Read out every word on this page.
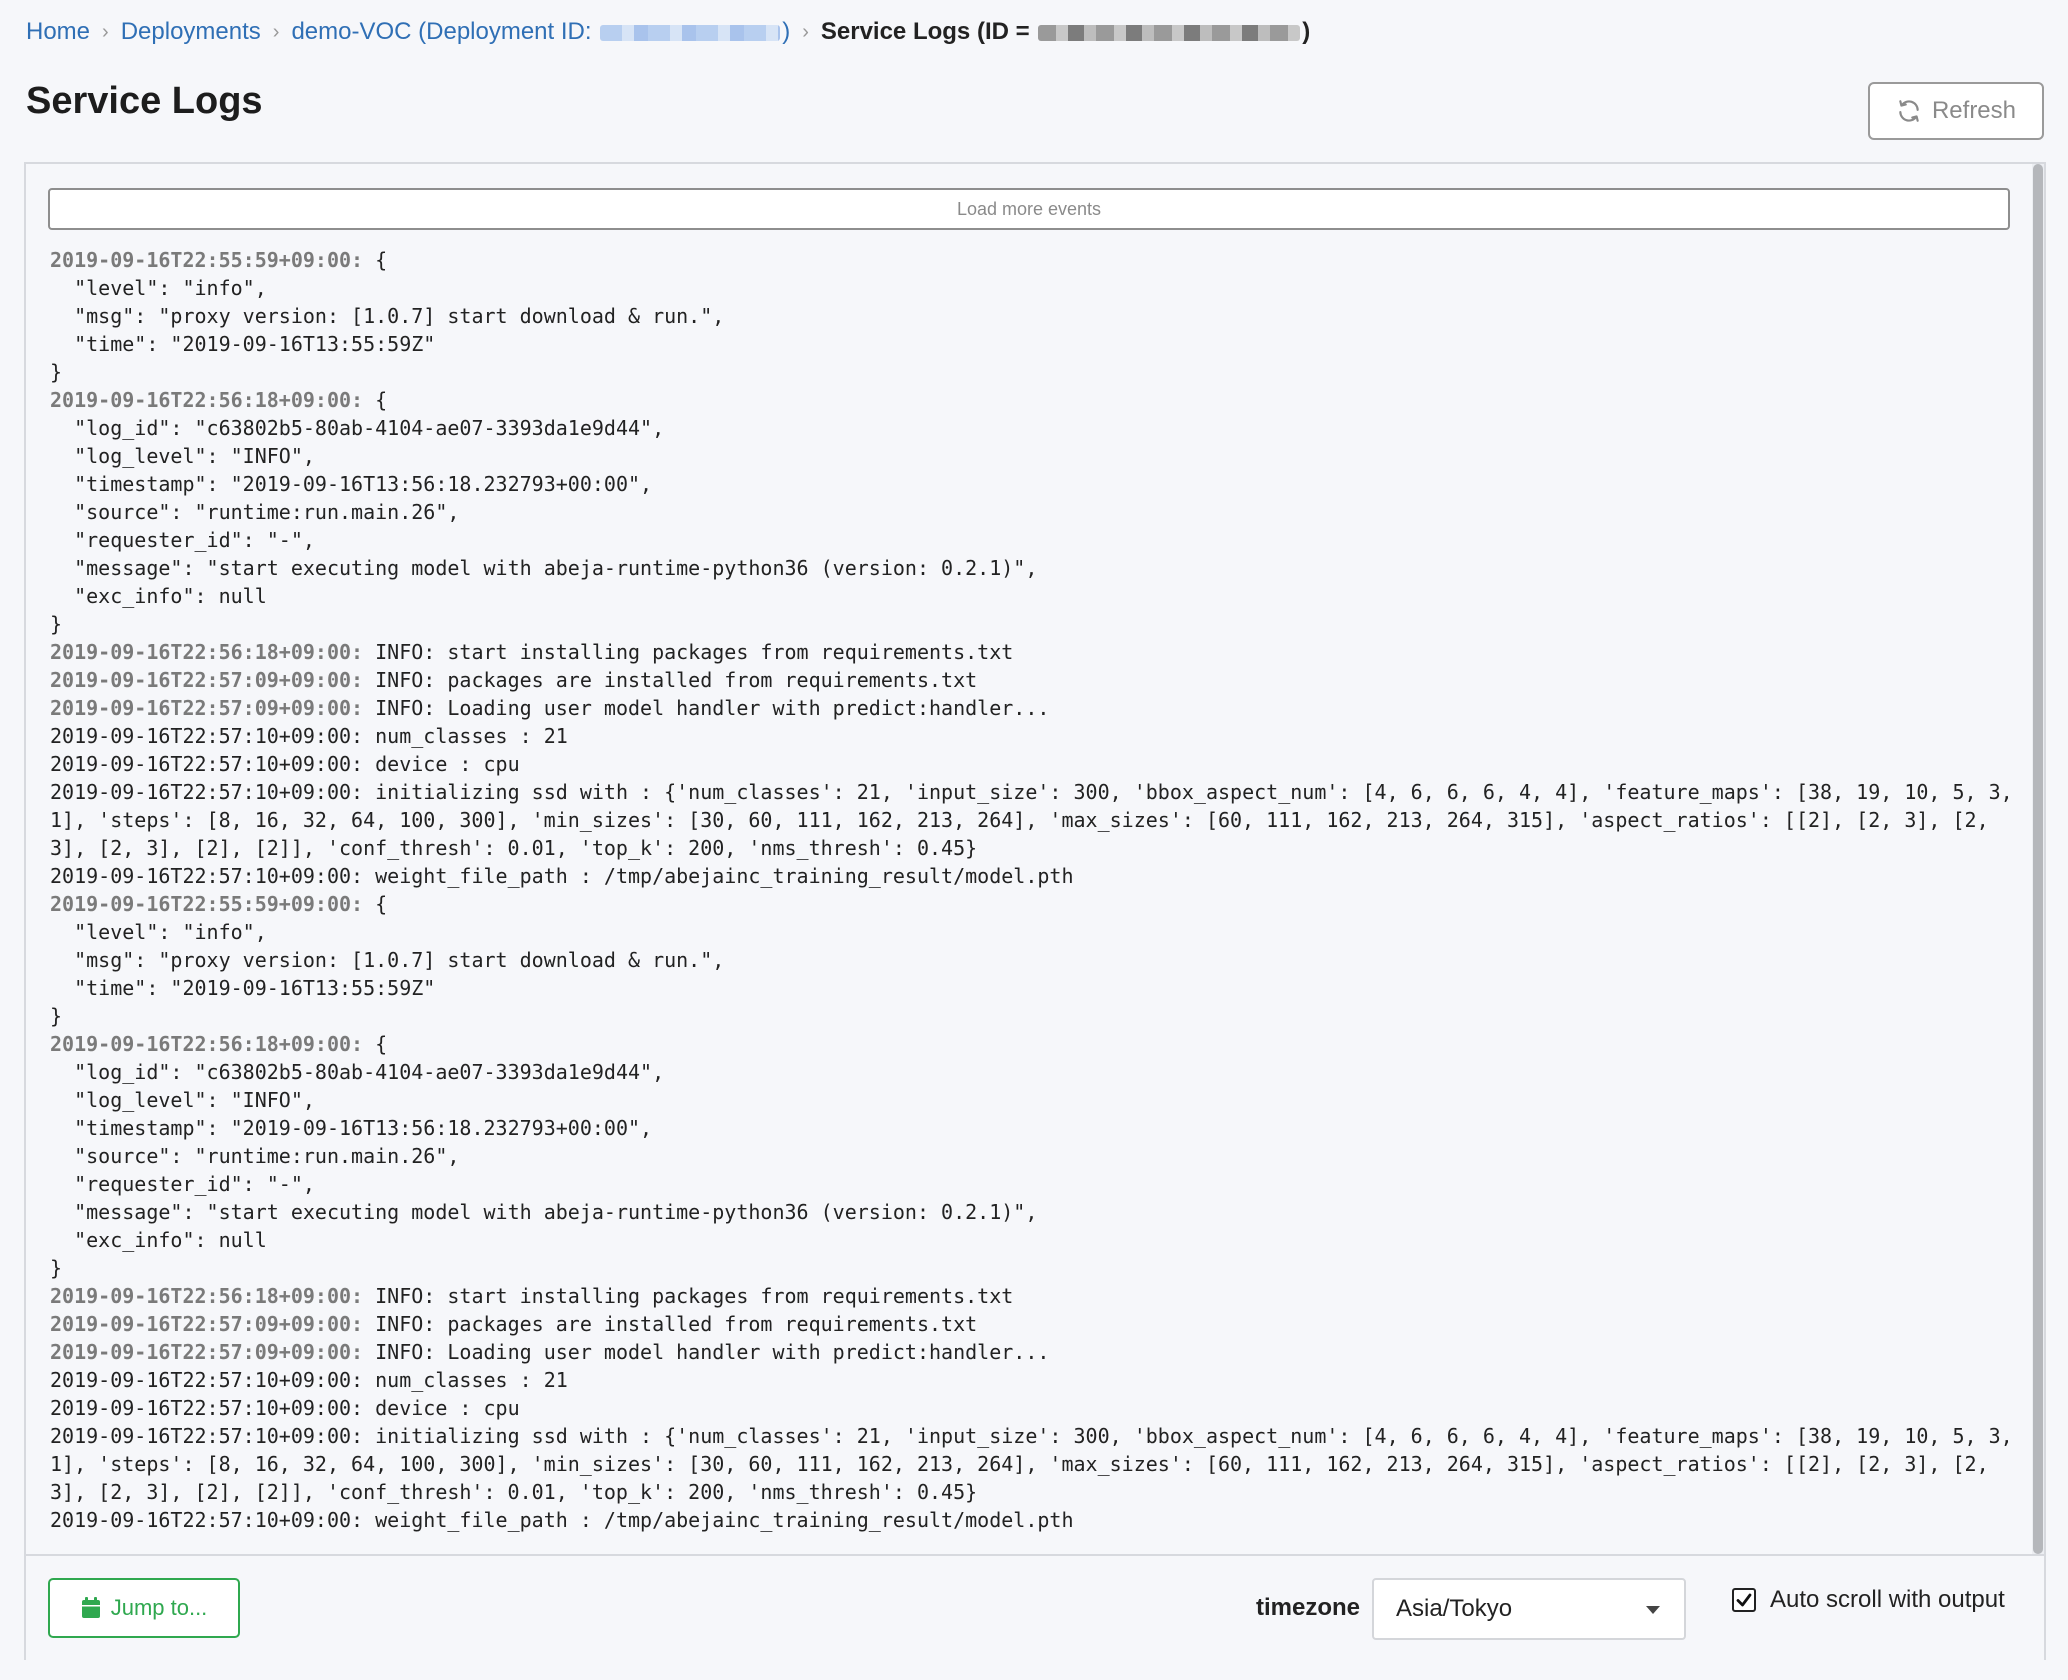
Home › Deployments › demo-VOC (Deployment ID:	) › Service Logs (ID =	)
Service Logs	Refresh
Load more events
2019-09-16T22:55:59+09:00: {
"level": "info",
"msg": "proxy version: [1.0.7] start download & run.",
"time": "2019-09-16T13:55:59Z"
}
2019-09-16T22:56:18+09:00: {
"log_id": "c63802b5-80ab-4104-ae07-3393da1e9d44",
"log_level": "INFO",
"timestamp": "2019-09-16T13:56:18.232793+00:00",
"source": "runtime:run.main.26",
"requester_id": "-",
"message": "start executing model with abeja-runtime-python36 (version: 0.2.1)",
"exc_info": null
}
2019-09-16T22:56:18+09:00: INFO: start installing packages from requirements.txt
2019-09-16T22:57:09+09:00: INFO: packages are installed from requirements.txt
2019-09-16T22:57:09+09:00: INFO: Loading user model handler with predict:handler...
2019-09-16T22:57:10+09:00: num_classes : 21
2019-09-16T22:57:10+09:00: device : cpu
2019-09-16T22:57:10+09:00: initializing ssd with : {'num_classes': 21, 'input_size': 300, 'bbox_aspect_num': [4, 6, 6, 6, 4, 4], 'feature_maps': [38, 19, 10, 5, 3, 1], 'steps': [8, 16, 32, 64, 100, 300], 'min_sizes': [30, 60, 111, 162, 213, 264], 'max_sizes': [60, 111, 162, 213, 264, 315], 'aspect_ratios': [[2], [2, 3], [2, 3], [2, 3], [2], [2]], 'conf_thresh': 0.01, 'top_k': 200, 'nms_thresh': 0.45}
2019-09-16T22:57:10+09:00: weight_file_path : /tmp/abejainc_training_result/model.pth
2019-09-16T22:55:59+09:00: {
"level": "info",
"msg": "proxy version: [1.0.7] start download & run.",
"time": "2019-09-16T13:55:59Z"
}
2019-09-16T22:56:18+09:00: {
"log_id": "c63802b5-80ab-4104-ae07-3393da1e9d44",
"log_level": "INFO",
"timestamp": "2019-09-16T13:56:18.232793+00:00",
"source": "runtime:run.main.26",
"requester_id": "-",
"message": "start executing model with abeja-runtime-python36 (version: 0.2.1)",
"exc_info": null
}
2019-09-16T22:56:18+09:00: INFO: start installing packages from requirements.txt
2019-09-16T22:57:09+09:00: INFO: packages are installed from requirements.txt
2019-09-16T22:57:09+09:00: INFO: Loading user model handler with predict:handler...
2019-09-16T22:57:10+09:00: num_classes : 21
2019-09-16T22:57:10+09:00: device : cpu
2019-09-16T22:57:10+09:00: initializing ssd with : {'num_classes': 21, 'input_size': 300, 'bbox_aspect_num': [4, 6, 6, 6, 4, 4], 'feature_maps': [38, 19, 10, 5, 3, 1], 'steps': [8, 16, 32, 64, 100, 300], 'min_sizes': [30, 60, 111, 162, 213, 264], 'max_sizes': [60, 111, 162, 213, 264, 315], 'aspect_ratios': [[2], [2, 3], [2, 3], [2, 3], [2], [2]], 'conf_thresh': 0.01, 'top_k': 200, 'nms_thresh': 0.45}
2019-09-16T22:57:10+09:00: weight_file_path : /tmp/abejainc_training_result/model.pth
Jump to...	timezone Asia/Tokyo	Auto scroll with output
